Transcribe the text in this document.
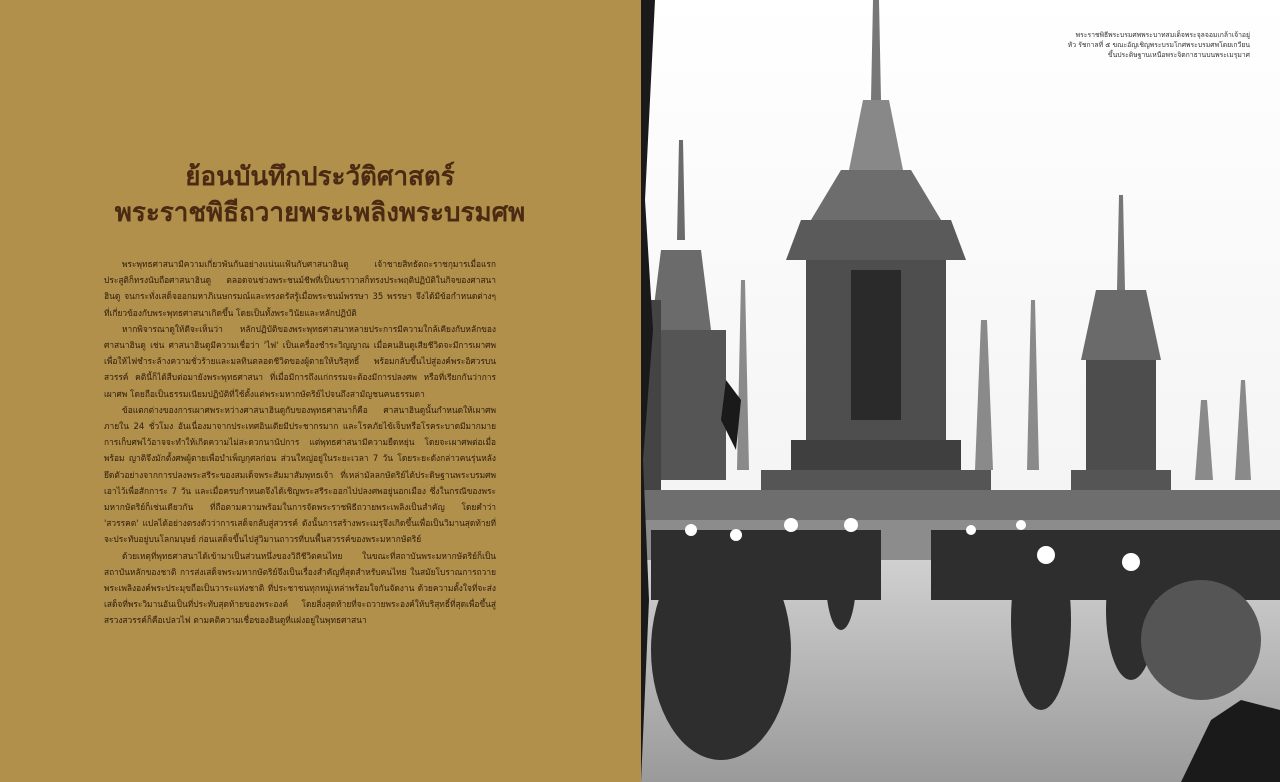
ย้อนบันทึกประวัติศาสตร์
พระราชพิธีถวายพระเพลิงพระบรมศพ

พระพุทธศาสนามีความเกี่ยวพันกันอย่างแน่นแฟ้นกับศาสนาฮินดู เจ้าชายสิทธัตถะราชกุมารเมื่อแรกประสูติก็ทรงนับถือศาสนาฮินดู ตลอดจนช่วงพระชนม์ชีพที่เป็นฆราวาสก็ทรงประพฤติปฏิบัติในกิจของศาสนาฮินดู จนกระทั่งเสด็จออกมหาภิเนษกรมณ์และทรงตรัสรู้เมื่อพระชนม์พรรษา 35 พรรษา จึงได้มีข้อกำหนดต่างๆ ที่เกี่ยวข้องกับพระพุทธศาสนาเกิดขึ้น โดยเป็นทั้งพระวินัยและหลักปฏิบัติ

หากพิจารณาดูให้ดีจะเห็นว่า หลักปฏิบัติของพระพุทธศาสนาหลายประการมีความใกล้เคียงกับหลักของศาสนาฮินดู เช่น ศาสนาฮินดูมีความเชื่อว่า 'ไฟ' เป็นเครื่องชำระวิญญาณ เมื่อคนฮินดูเสียชีวิตจะมีการเผาศพเพื่อให้ไฟชำระล้างความชั่วร้ายและมลทินตลอดชีวิตของผู้ตายให้บริสุทธิ์ พร้อมกลับขึ้นไปสู่องค์พระอิศวรบนสวรรค์ คตินี้ก็ได้สืบต่อมายังพระพุทธศาสนา ที่เมื่อมีการถึงแก่กรรมจะต้องมีการปลงศพ หรือที่เรียกกันว่าการเผาศพ โดยถือเป็นธรรมเนียมปฏิบัติที่ใช้ตั้งแต่พระมหากษัตริย์ไปจนถึงสามัญชนคนธรรมดา

ข้อแตกต่างของการเผาศพระหว่างศาสนาฮินดูกับของพุทธศาสนาก็คือ ศาสนาฮินดูนั้นกำหนดให้เผาศพภายใน 24 ชั่วโมง อันเนื่องมาจากประเทศอินเดียมีประชากรมาก และโรคภัยไข้เจ็บหรือโรคระบาดมีมากมาย การเก็บศพไว้อาจจะทำให้เกิดความไม่สะดวกนานัปการ แต่พุทธศาสนามีความยืดหยุ่น โดยจะเผาศพต่อเมื่อพร้อม ญาติจึงมักตั้งศพผู้ตายเพื่อบำเพ็ญกุศลก่อน ส่วนใหญ่อยู่ในระยะเวลา 7 วัน โดยระยะดังกล่าวคนรุ่นหลังยึดตัวอย่างจากการปลงพระสรีระของสมเด็จพระสัมมาสัมพุทธเจ้า ที่เหล่ามัลลกษัตริย์ได้ประดิษฐานพระบรมศพเอาไว้เพื่อสักการะ 7 วัน และเมื่อครบกำหนดจึงได้เชิญพระสรีระออกไปปลงศพอยู่นอกเมือง ซึ่งในกรณีของพระมหากษัตริย์ก็เช่นเดียวกัน ที่ถือตามความพร้อมในการจัดพระราชพิธีถวายพระเพลิงเป็นสำคัญ โดยคำว่า 'สวรรคต' แปลได้อย่างตรงตัวว่าการเสด็จกลับสู่สวรรค์ ดังนั้นการสร้างพระเมรุจึงเกิดขึ้นเพื่อเป็นวิมานสุดท้ายที่จะประทับอยู่บนโลกมนุษย์ ก่อนเสด็จขึ้นไปสู่วิมานถาวรที่บนพื้นสวรรค์ของพระมหากษัตริย์

ด้วยเหตุที่พุทธศาสนาได้เข้ามาเป็นส่วนหนึ่งของวิถีชีวิตคนไทย ในขณะที่สถาบันพระมหากษัตริย์ก็เป็นสถาบันหลักของชาติ การส่งเสด็จพระมหากษัตริย์จึงเป็นเรื่องสำคัญที่สุดสำหรับคนไทย ในสมัยโบราณการถวายพระเพลิงองค์พระประมุขถือเป็นวาระแห่งชาติ ที่ประชาชนทุกหมู่เหล่าพร้อมใจกันจัดงาน ด้วยความตั้งใจที่จะส่งเสด็จที่พระวิมานอันเป็นที่ประทับสุดท้ายของพระองค์ โดยสิ่งสุดท้ายที่จะถวายพระองค์ให้บริสุทธิ์ที่สุดเพื่อขึ้นสู่สรวงสวรรค์ก็คือเปลวไฟ ตามคติความเชื่อของฮินดูที่แฝงอยู่ในพุทธศาสนา

พระราชพิธีพระบรมศพพระบาทสมเด็จพระจุลจอมเกล้าเจ้าอยู่
หัว รัชกาลที่ ๕ ขณะอัญเชิญพระบรมโกศพระบรมศพโดยเกวียน
ขึ้นประดิษฐานเหนือพระจิตกาธานบนพระเมรุมาศ
